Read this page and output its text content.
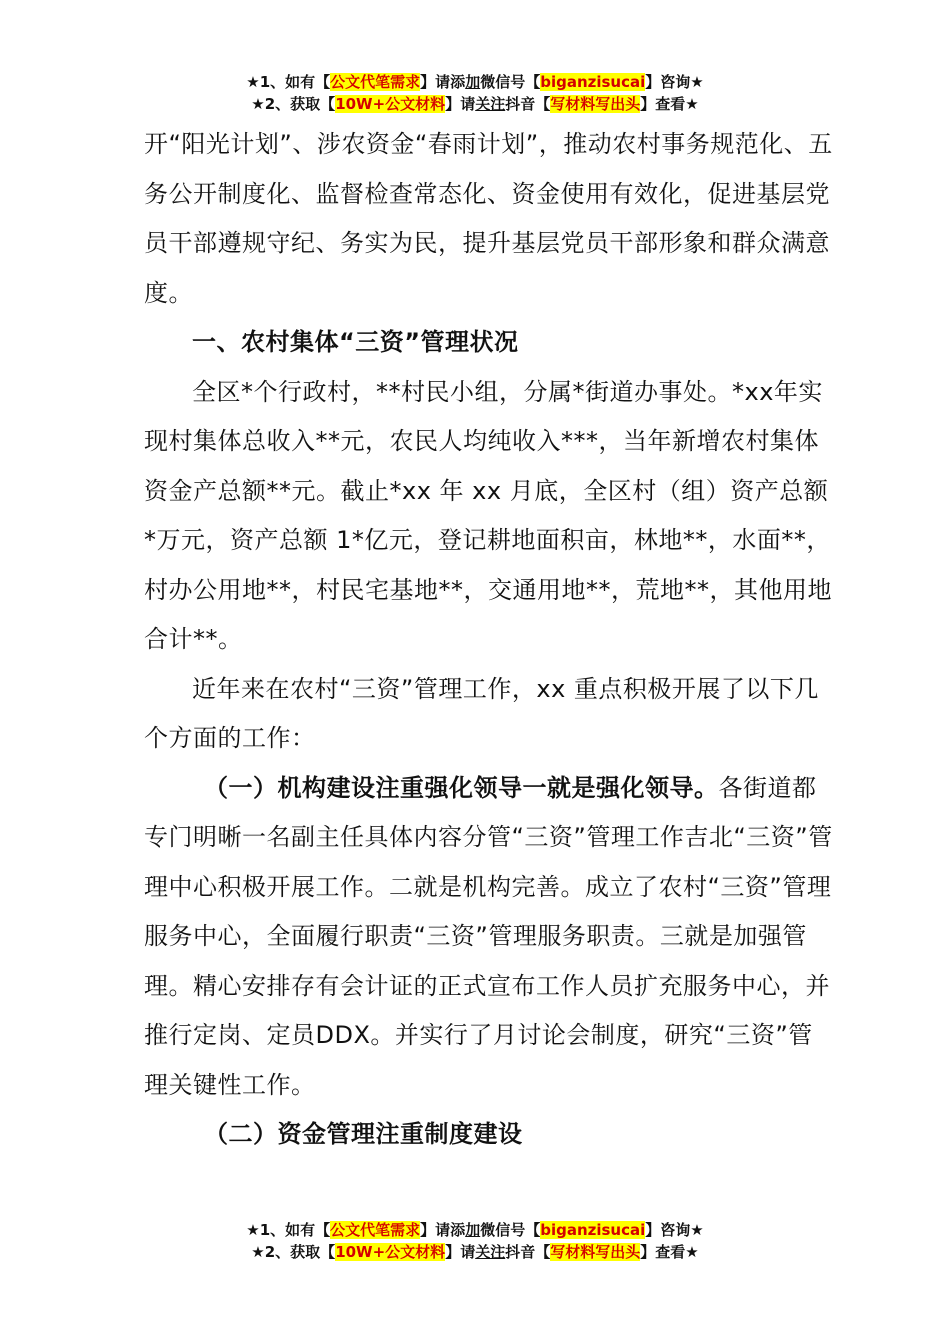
★1、如有【公文代笔需求】请添加微信号【biganzisucai】咨询★
★2、获取【10W+公文材料】请关注抖音【写材料写出头】查看★

开“阳光计划”、涉农资金“春雨计划”，推动农村事务规范化、五务公开制度化、监督检查常态化、资金使用有效化，促进基层党员干部遵规守纪、务实为民，提升基层党员干部形象和群众满意度。

一、农村集体“三资”管理状况

全区*个行政村，**村民小组，分属*街道办事处。*xx年实现村集体总收入**元，农民人均纯收入***，当年新增农村集体资金产总额**元。截止*xx 年 xx 月底，全区村（组）资产总额*万元，资产总额 1*亿元，登记耕地面积亩，林地**，水面**，村办公用地**，村民宅基地**，交通用地**，荒地**，其他用地合计**。

近年来在农村“三资”管理工作，xx 重点积极开展了以下几个方面的工作：

（一）机构建设注重强化领导一就是强化领导。各街道都专门明晰一名副主任具体内容分管“三资”管理工作吉北“三资”管理中心积极开展工作。二就是机构完善。成立了农村“三资”管理服务中心，全面履行职责“三资”管理服务职责。三就是加强管理。精心安排存有会计证的正式宣布工作人员扩充服务中心，并推行定岗、定员DDX。并实行了月讨论会制度，研究“三资”管理关键性工作。

（二）资金管理注重制度建设

★1、如有【公文代笔需求】请添加微信号【biganzisucai】咨询★
★2、获取【10W+公文材料】请关注抖音【写材料写出头】查看★
